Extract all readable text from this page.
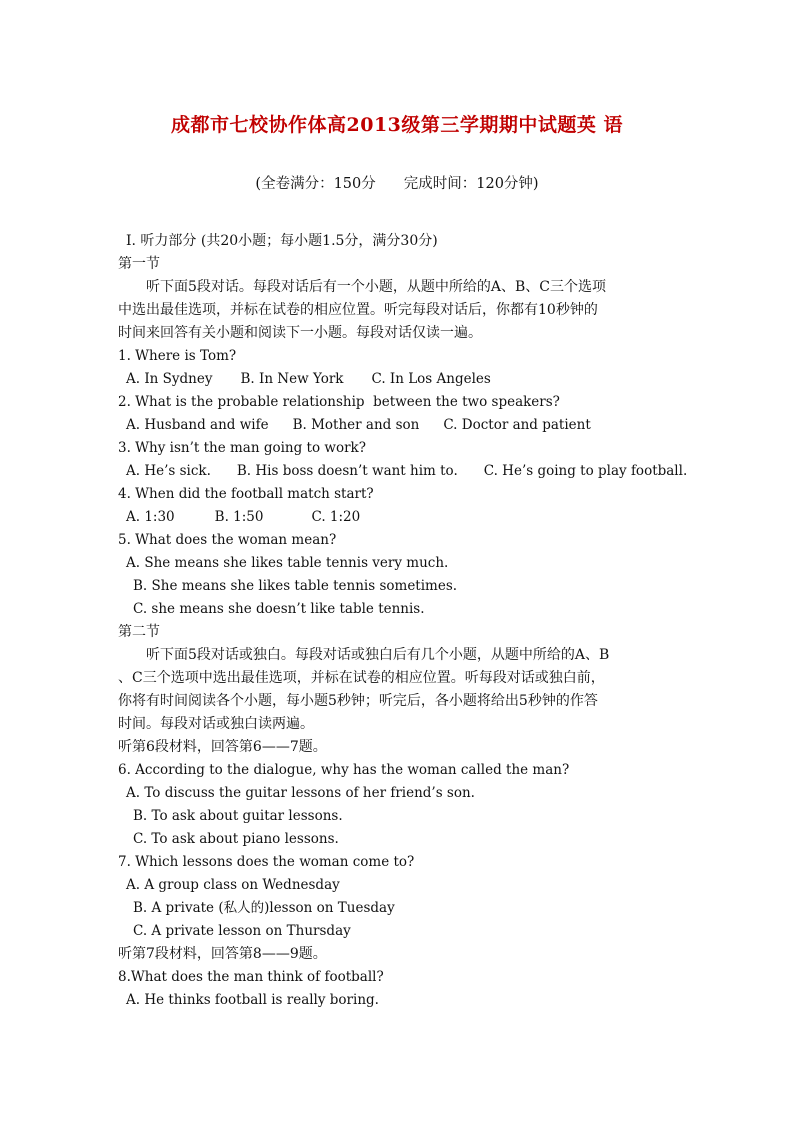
成都市七校协作体高2013级第三学期期中试题英 语
(全卷满分：150分 完成时间：120分钟)
Ⅰ. 听力部分 (共20小题；每小题1.5分，满分30分)
第一节
听下面5段对话。每段对话后有一个小题，从题中所给的A、B、C三个选项
中选出最佳选项，并标在试卷的相应位置。听完每段对话后，你都有10秒钟的
时间来回答有关小题和阅读下一小题。每段对话仅读一遍。
1. Where is Tom?
A. In Sydney B. In New York C. In Los Angeles
2. What is the probable relationship  between the two speakers?
A. Husband and wife B. Mother and son C. Doctor and patient
3. Why isn’t the man going to work?
A. He’s sick. B. His boss doesn’t want him to. C. He’s going to play football.
4. When did the football match start?
A. 1:30	B. 1:50	C. 1:20
5. What does the woman mean?
A. She means she likes table tennis very much.
B. She means she likes table tennis sometimes.
C. she means she doesn’t like table tennis.
第二节
听下面5段对话或独白。每段对话或独白后有几个小题，从题中所给的A、B
、C三个选项中选出最佳选项，并标在试卷的相应位置。听每段对话或独白前，
你将有时间阅读各个小题，每小题5秒钟；听完后，各小题将给出5秒钟的作答
时间。每段对话或独白读两遍。
听第6段材料，回答第6——7题。
6. According to the dialogue, why has the woman called the man?
A. To discuss the guitar lessons of her friend’s son.
B. To ask about guitar lessons.
C. To ask about piano lessons.
7. Which lessons does the woman come to?
A. A group class on Wednesday
B. A private (私人的)lesson on Tuesday
C. A private lesson on Thursday
听第7段材料，回答第8——9题。
8.What does the man think of football?
A. He thinks football is really boring.
